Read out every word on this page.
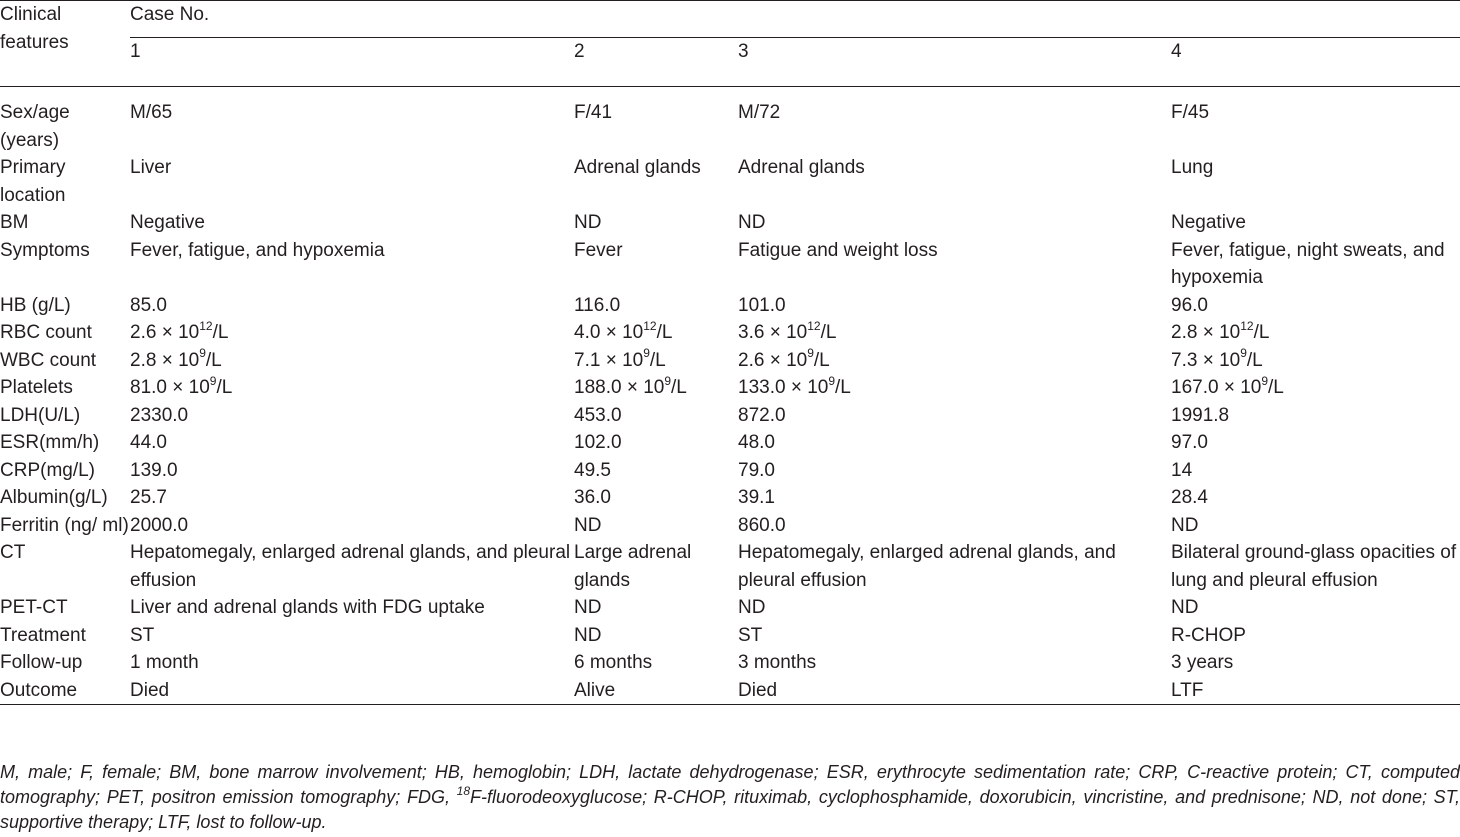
Clinical features	Case No.			
	1	2	3	4
Sex/age (years)	M/65	F/41	M/72	F/45
Primary location	Liver	Adrenal glands	Adrenal glands	Lung
BM	Negative	ND	ND	Negative
Symptoms	Fever, fatigue, and hypoxemia	Fever	Fatigue and weight loss	Fever, fatigue, night sweats, and hypoxemia
HB (g/L)	85.0	116.0	101.0	96.0
RBC count	$2.6 \times 10^{12}/L$	$4.0 \times 10^{12}/L$	$3.6 \times 10^{12}/L$	$2.8 \times 10^{12}/L$
WBC count	$2.8 \times 10^9/L$	$7.1 \times 10^9/L$	$2.6 \times 10^9/L$	$7.3 \times 10^9/L$
Platelets	$81.0 \times 10^9/L$	$188.0 \times 10^9/L$	$133.0 \times 10^9/L$	$167.0 \times 10^9/L$
LDH(U/L)	2330.0	453.0	872.0	1991.8
ESR(mm/h)	44.0	102.0	48.0	97.0
CRP(mg/L)	139.0	49.5	79.0	14
Albumin(g/L)	25.7	36.0	39.1	28.4
Ferritin (ng/ ml)	2000.0	ND	860.0	ND
CT	Hepatomegaly, enlarged adrenal glands, and pleural effusion	Large adrenal glands	Hepatomegaly, enlarged adrenal glands, and pleural effusion	Bilateral ground-glass opacities of lung and pleural effusion
PET-CT	Liver and adrenal glands with FDG uptake	ND	ND	ND
Treatment	ST	ND	ST	R-CHOP
Follow-up	1 month	6 months	3 months	3 years
Outcome	Died	Alive	Died	LTF
M, male; F, female; BM, bone marrow involvement; HB, hemoglobin; LDH, lactate dehydrogenase; ESR, erythrocyte sedimentation rate; CRP, C-reactive protein; CT, computed tomography; PET, positron emission tomography; FDG, $^{18}$F-fluorodeoxyglucose; R-CHOP, rituximab, cyclophosphamide, doxorubicin, vincristine, and prednisone; ND, not done; ST, supportive therapy; LTF, lost to follow-up.
